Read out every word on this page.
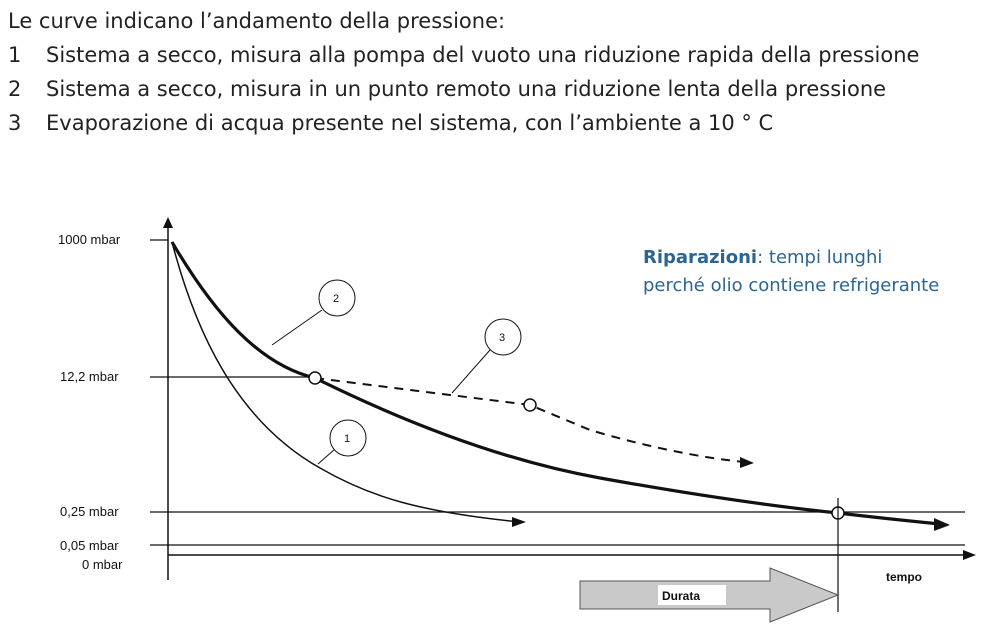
Le curve indicano l’andamento della pressione:
1 Sistema a secco, misura alla pompa del vuoto una riduzione rapida della pressione
2 Sistema a secco, misura in un punto remoto una riduzione lenta della pressione
3 Evaporazione di acqua presente nel sistema, con l’ambiente a 10 ° C
Riparazioni: tempi lunghi
perché olio contiene refrigerante
1000 mbar
12,2 mbar
0,25 mbar
0,05 mbar
0 mbar
2
3
1
tempo
Durata
